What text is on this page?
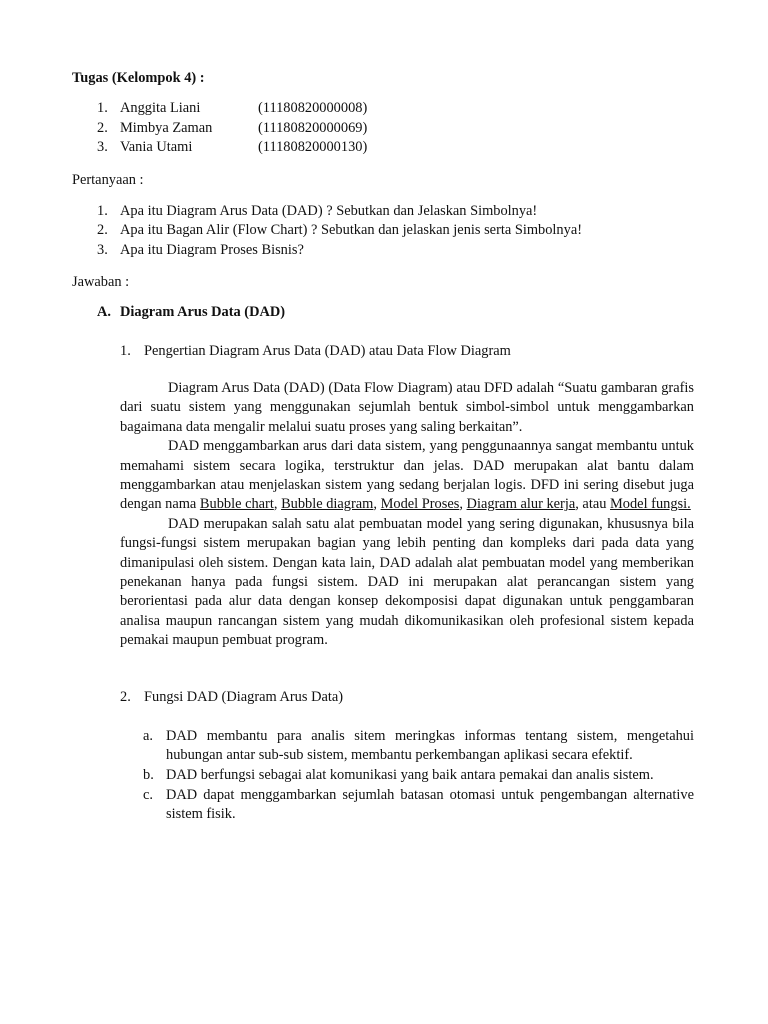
Tugas (Kelompok 4) :
1. Anggita Liani	(11180820000008)
2. Mimbya Zaman	(11180820000069)
3. Vania Utami	(11180820000130)
Pertanyaan :
1. Apa itu Diagram Arus Data (DAD) ? Sebutkan dan Jelaskan Simbolnya!
2. Apa itu Bagan Alir (Flow Chart) ? Sebutkan dan jelaskan jenis serta Simbolnya!
3. Apa itu Diagram Proses Bisnis?
Jawaban :
A. Diagram Arus Data (DAD)
1. Pengertian Diagram Arus Data (DAD) atau Data Flow Diagram

Diagram Arus Data (DAD) (Data Flow Diagram) atau DFD adalah “Suatu gambaran grafis dari suatu sistem yang menggunakan sejumlah bentuk simbol-simbol untuk menggambarkan bagaimana data mengalir melalui suatu proses yang saling berkaitan”.

DAD menggambarkan arus dari data sistem, yang penggunaannya sangat membantu untuk memahami sistem secara logika, terstruktur dan jelas. DAD merupakan alat bantu dalam menggambarkan atau menjelaskan sistem yang sedang berjalan logis. DFD ini sering disebut juga dengan nama Bubble chart, Bubble diagram, Model Proses, Diagram alur kerja, atau Model fungsi.

DAD merupakan salah satu alat pembuatan model yang sering digunakan, khususnya bila fungsi-fungsi sistem merupakan bagian yang lebih penting dan kompleks dari pada data yang dimanipulasi oleh sistem. Dengan kata lain, DAD adalah alat pembuatan model yang memberikan penekanan hanya pada fungsi sistem. DAD ini merupakan alat perancangan sistem yang berorientasi pada alur data dengan konsep dekomposisi dapat digunakan untuk penggambaran analisa maupun rancangan sistem yang mudah dikomunikasikan oleh profesional sistem kepada pemakai maupun pembuat program.

2. Fungsi DAD (Diagram Arus Data)
a. DAD membantu para analis sitem meringkas informas tentang sistem, mengetahui hubungan antar sub-sub sistem, membantu perkembangan aplikasi secara efektif.
b. DAD berfungsi sebagai alat komunikasi yang baik antara pemakai dan analis sistem.
c. DAD dapat menggambarkan sejumlah batasan otomasi untuk pengembangan alternative sistem fisik.
